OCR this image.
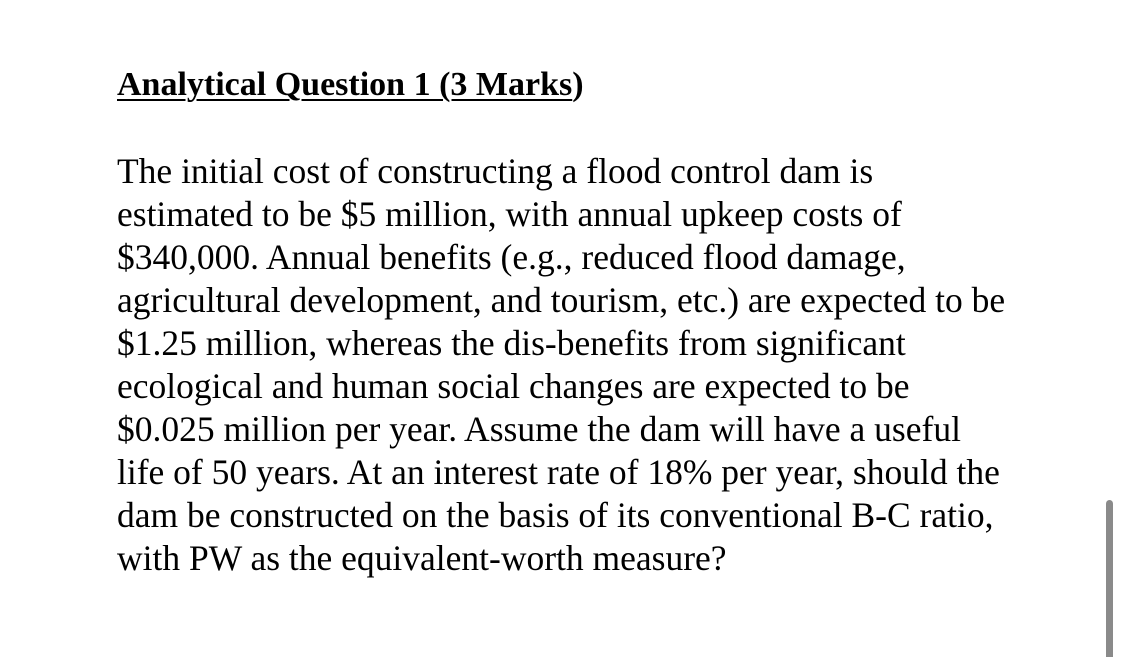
Analytical Question 1 (3 Marks)

The initial cost of constructing a flood control dam is
estimated to be $5 million, with annual upkeep costs of
$340,000. Annual benefits (e.g., reduced flood damage,
agricultural development, and tourism, etc.) are expected to be
$1.25 million, whereas the dis-benefits from significant
ecological and human social changes are expected to be
$0.025 million per year. Assume the dam will have a useful
life of 50 years. At an interest rate of 18% per year, should the
dam be constructed on the basis of its conventional B-C ratio,
with PW as the equivalent-worth measure?
